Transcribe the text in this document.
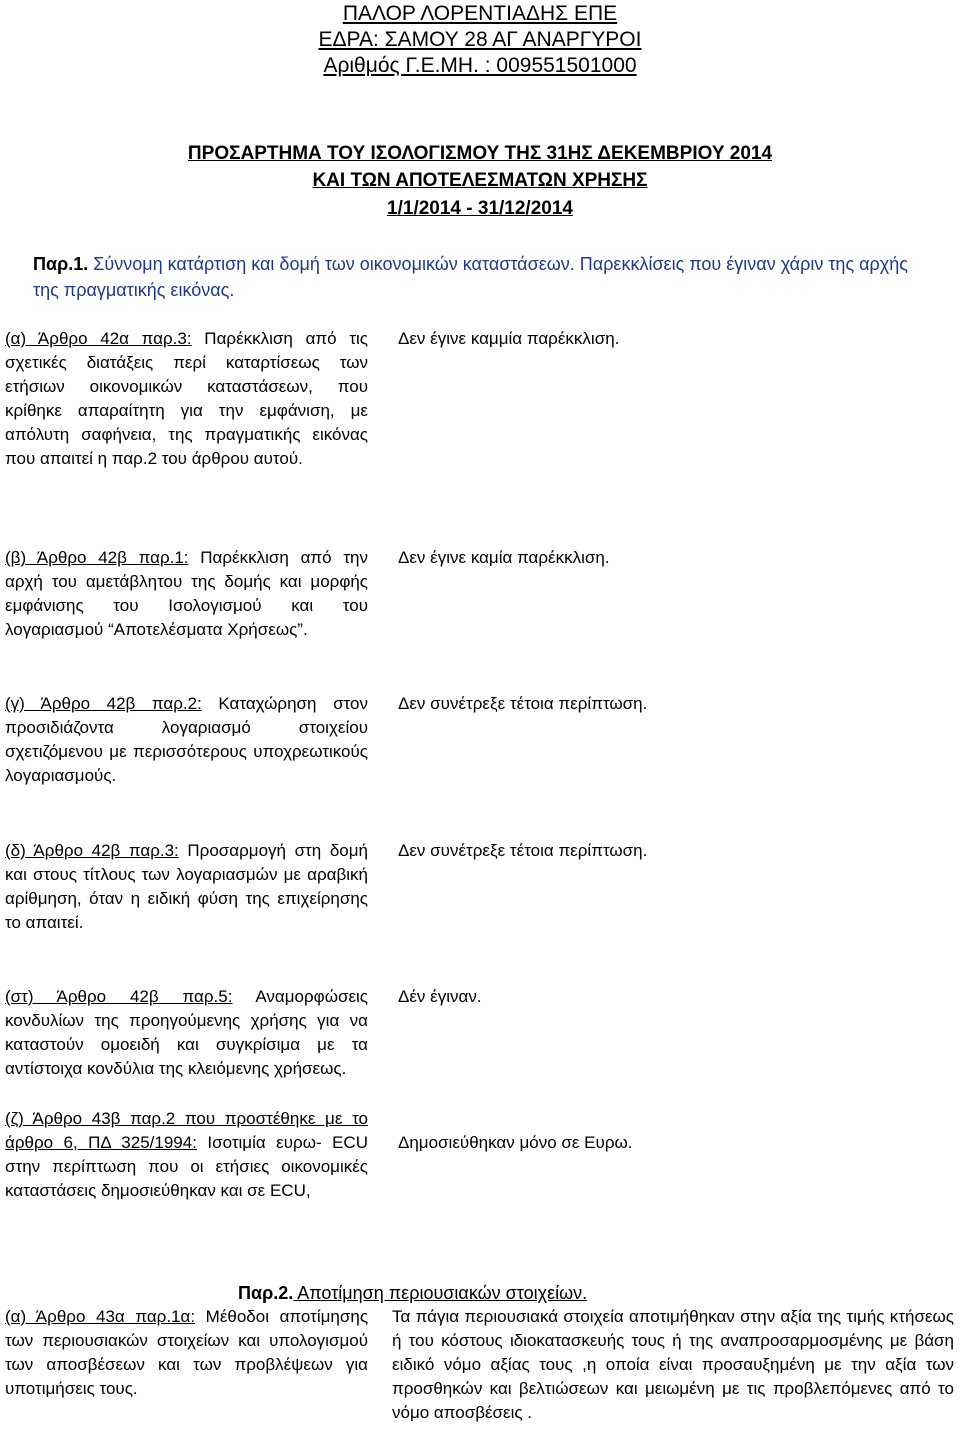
ΠΑΛΟΡ ΛΟΡΕΝΤΙΑΔΗΣ ΕΠΕ
ΕΔΡΑ: ΣΑΜΟΥ 28 ΑΓ ΑΝΑΡΓΥΡΟΙ
Αριθμός Γ.Ε.ΜΗ. : 009551501000
ΠΡΟΣΑΡΤΗΜΑ ΤΟΥ ΙΣΟΛΟΓΙΣΜΟΥ ΤΗΣ 31ΗΣ ΔΕΚΕΜΒΡΙΟΥ 2014
ΚΑΙ ΤΩΝ ΑΠΟΤΕΛΕΣΜΑΤΩΝ ΧΡΗΣΗΣ
1/1/2014 - 31/12/2014
Παρ.1. Σύννομη κατάρτιση και δομή των οικονομικών καταστάσεων. Παρεκκλίσεις που έγιναν χάριν της αρχής της πραγματικής εικόνας.
(α) Άρθρο 42α παρ.3: Παρέκκλιση από τις σχετικές διατάξεις περί καταρτίσεως των ετήσιων οικονομικών καταστάσεων, που κρίθηκε απαραίτητη για την εμφάνιση, με απόλυτη σαφήνεια, της πραγματικής εικόνας που απαιτεί η παρ.2 του άρθρου αυτού.
Δεν έγινε καμμία παρέκκλιση.
(β) Άρθρο 42β παρ.1: Παρέκκλιση από την αρχή του αμετάβλητου της δομής και μορφής εμφάνισης του Ισολογισμού και του λογαριασμού “Αποτελέσματα Χρήσεως”.
Δεν έγινε καμία παρέκκλιση.
(γ) Άρθρο 42β παρ.2: Καταχώρηση στον προσιδιάζοντα λογαριασμό στοιχείου σχετιζόμενου με περισσότερους υποχρεωτικούς λογαριασμούς.
Δεν συνέτρεξε τέτοια περίπτωση.
(δ) Άρθρο 42β παρ.3: Προσαρμογή στη δομή και στους τίτλους των λογαριασμών με αραβική αρίθμηση, όταν η ειδική φύση της επιχείρησης το απαιτεί.
Δεν συνέτρεξε τέτοια περίπτωση.
(στ) Άρθρο 42β παρ.5: Αναμορφώσεις κονδυλίων της προηγούμενης χρήσης για να καταστούν ομοειδή και συγκρίσιμα με τα αντίστοιχα κονδύλια της κλειόμενης χρήσεως.
Δέν έγιναν.
(ζ) Άρθρο 43β παρ.2 που προστέθηκε με το άρθρο 6, ΠΔ 325/1994: Ισοτιμία ευρω- ECU στην περίπτωση που οι ετήσιες οικονομικές καταστάσεις δημοσιεύθηκαν και σε ECU,
Δημοσιεύθηκαν μόνο σε Ευρω.
Παρ.2. Αποτίμηση περιουσιακών στοιχείων.
(α) Άρθρο 43α παρ.1α: Μέθοδοι αποτίμησης των περιουσιακών στοιχείων και υπολογισμού των αποσβέσεων και των προβλέψεων για υποτιμήσεις τους.
Τα πάγια περιουσιακά στοιχεία αποτιμήθηκαν στην αξία της τιμής κτήσεως ή του κόστους ιδιοκατασκευής τους ή της αναπροσαρμοσμένης με βάση ειδικό νόμο αξίας τους ,η οποία είναι προσαυξημένη με την αξία των προσθηκών και βελτιώσεων και μειωμένη με τις προβλεπόμενες από το νόμο αποσβέσεις .
